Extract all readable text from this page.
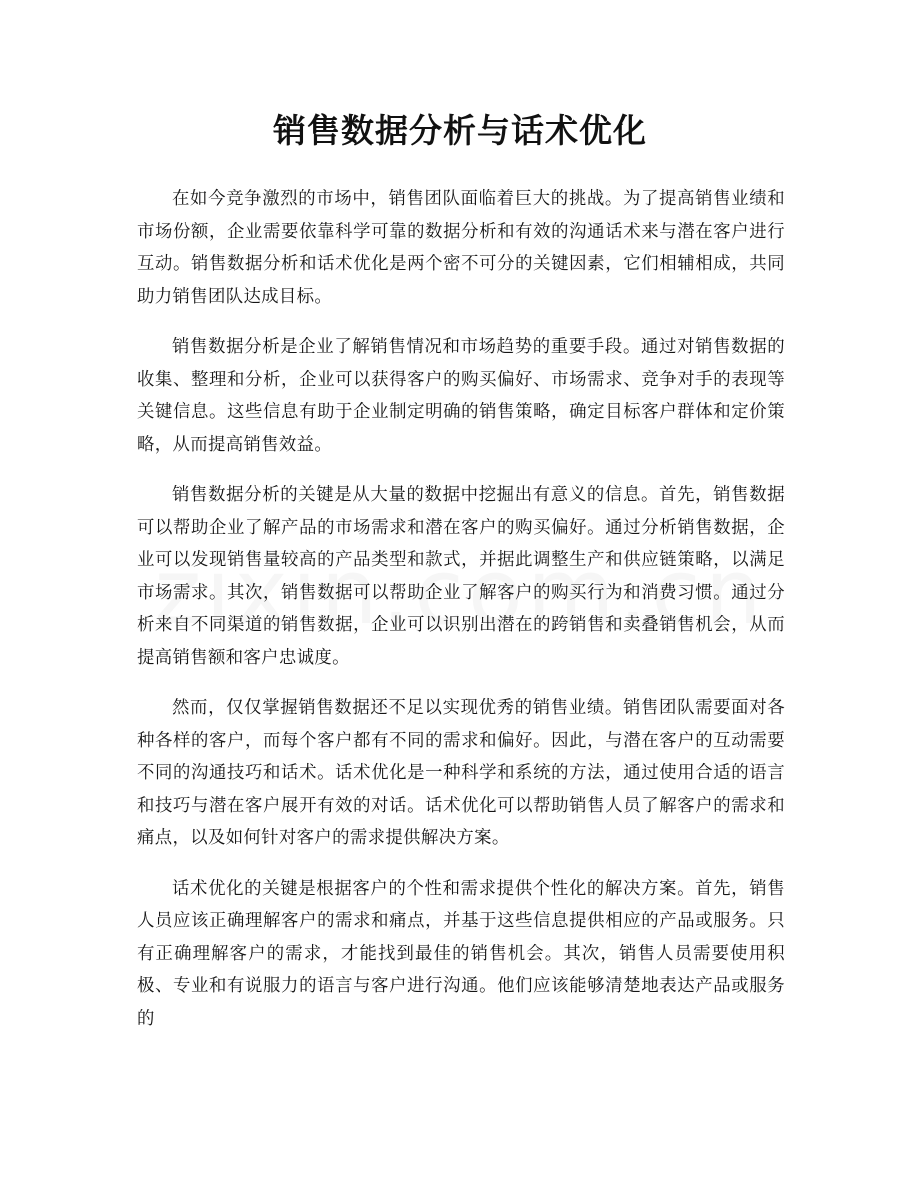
销售数据分析与话术优化

在如今竞争激烈的市场中，销售团队面临着巨大的挑战。为了提高销售业绩和市场份额，企业需要依靠科学可靠的数据分析和有效的沟通话术来与潜在客户进行互动。销售数据分析和话术优化是两个密不可分的关键因素，它们相辅相成，共同助力销售团队达成目标。

销售数据分析是企业了解销售情况和市场趋势的重要手段。通过对销售数据的收集、整理和分析，企业可以获得客户的购买偏好、市场需求、竞争对手的表现等关键信息。这些信息有助于企业制定明确的销售策略，确定目标客户群体和定价策略，从而提高销售效益。

销售数据分析的关键是从大量的数据中挖掘出有意义的信息。首先，销售数据可以帮助企业了解产品的市场需求和潜在客户的购买偏好。通过分析销售数据，企业可以发现销售量较高的产品类型和款式，并据此调整生产和供应链策略，以满足市场需求。其次，销售数据可以帮助企业了解客户的购买行为和消费习惯。通过分析来自不同渠道的销售数据，企业可以识别出潜在的跨销售和卖叠销售机会，从而提高销售额和客户忠诚度。

然而，仅仅掌握销售数据还不足以实现优秀的销售业绩。销售团队需要面对各种各样的客户，而每个客户都有不同的需求和偏好。因此，与潜在客户的互动需要不同的沟通技巧和话术。话术优化是一种科学和系统的方法，通过使用合适的语言和技巧与潜在客户展开有效的对话。话术优化可以帮助销售人员了解客户的需求和痛点，以及如何针对客户的需求提供解决方案。

话术优化的关键是根据客户的个性和需求提供个性化的解决方案。首先，销售人员应该正确理解客户的需求和痛点，并基于这些信息提供相应的产品或服务。只有正确理解客户的需求，才能找到最佳的销售机会。其次，销售人员需要使用积极、专业和有说服力的语言与客户进行沟通。他们应该能够清楚地表达产品或服务的
